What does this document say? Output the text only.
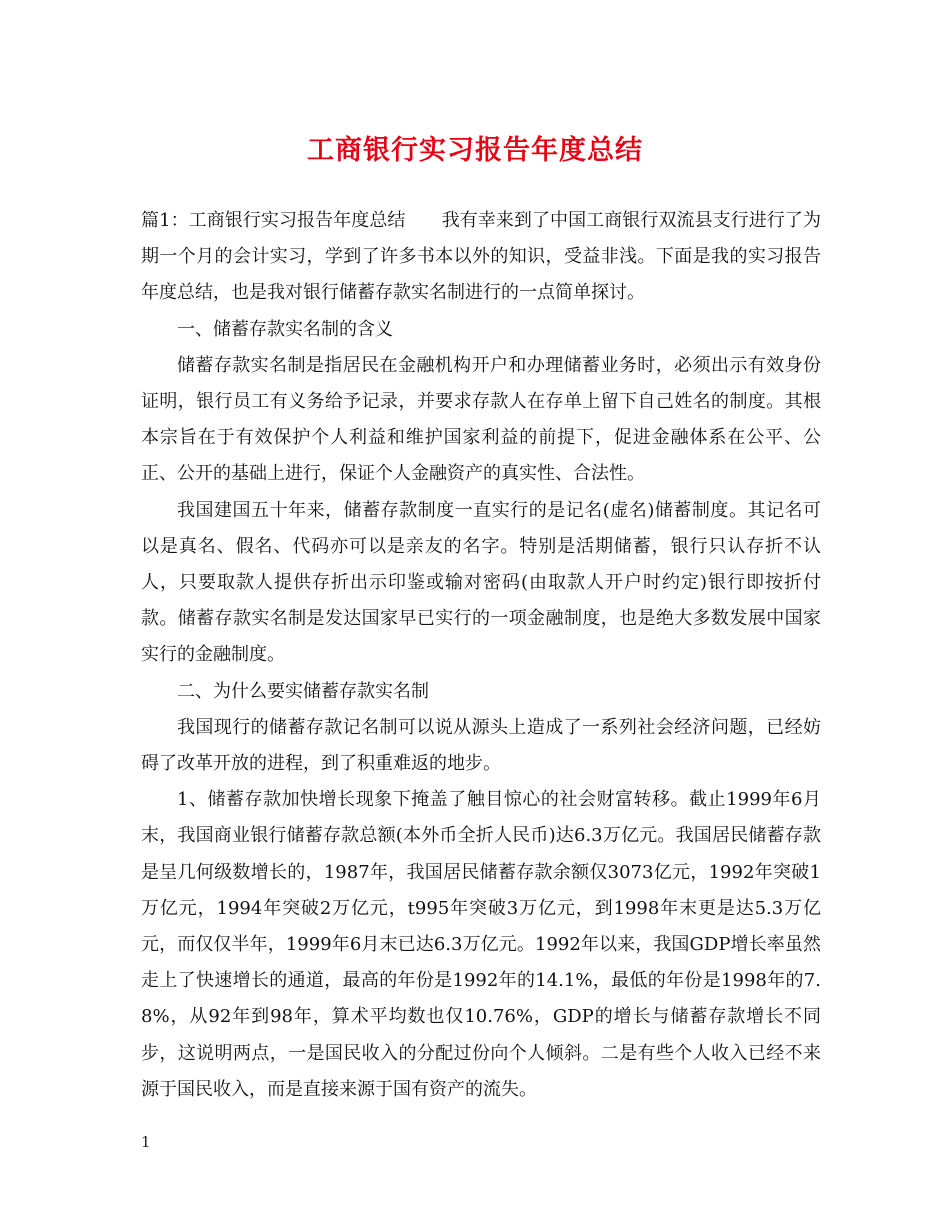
工商银行实习报告年度总结

篇1：工商银行实习报告年度总结　　我有幸来到了中国工商银行双流县支行进行了为期一个月的会计实习，学到了许多书本以外的知识，受益非浅。下面是我的实习报告年度总结，也是我对银行储蓄存款实名制进行的一点简单探讨。

一、储蓄存款实名制的含义

储蓄存款实名制是指居民在金融机构开户和办理储蓄业务时，必须出示有效身份证明，银行员工有义务给予记录，并要求存款人在存单上留下自己姓名的制度。其根本宗旨在于有效保护个人利益和维护国家利益的前提下，促进金融体系在公平、公正、公开的基础上进行，保证个人金融资产的真实性、合法性。

我国建国五十年来，储蓄存款制度一直实行的是记名(虚名)储蓄制度。其记名可以是真名、假名、代码亦可以是亲友的名字。特别是活期储蓄，银行只认存折不认人，只要取款人提供存折出示印鉴或输对密码(由取款人开户时约定)银行即按折付款。储蓄存款实名制是发达国家早已实行的一项金融制度，也是绝大多数发展中国家实行的金融制度。

二、为什么要实储蓄存款实名制

我国现行的储蓄存款记名制可以说从源头上造成了一系列社会经济问题，已经妨碍了改革开放的进程，到了积重难返的地步。

1、储蓄存款加快增长现象下掩盖了触目惊心的社会财富转移。截止1999年6月末，我国商业银行储蓄存款总额(本外币全折人民币)达6.3万亿元。我国居民储蓄存款是呈几何级数增长的，1987年，我国居民储蓄存款余额仅3073亿元，1992年突破1万亿元，1994年突破2万亿元，t995年突破3万亿元，到1998年末更是达5.3万亿元，而仅仅半年，1999年6月末已达6.3万亿元。1992年以来，我国GDP增长率虽然走上了快速增长的通道，最高的年份是1992年的14.1%，最低的年份是1998年的7.8%，从92年到98年，算术平均数也仅10.76%，GDP的增长与储蓄存款增长不同步，这说明两点，一是国民收入的分配过份向个人倾斜。二是有些个人收入已经不来源于国民收入，而是直接来源于国有资产的流失。

1
